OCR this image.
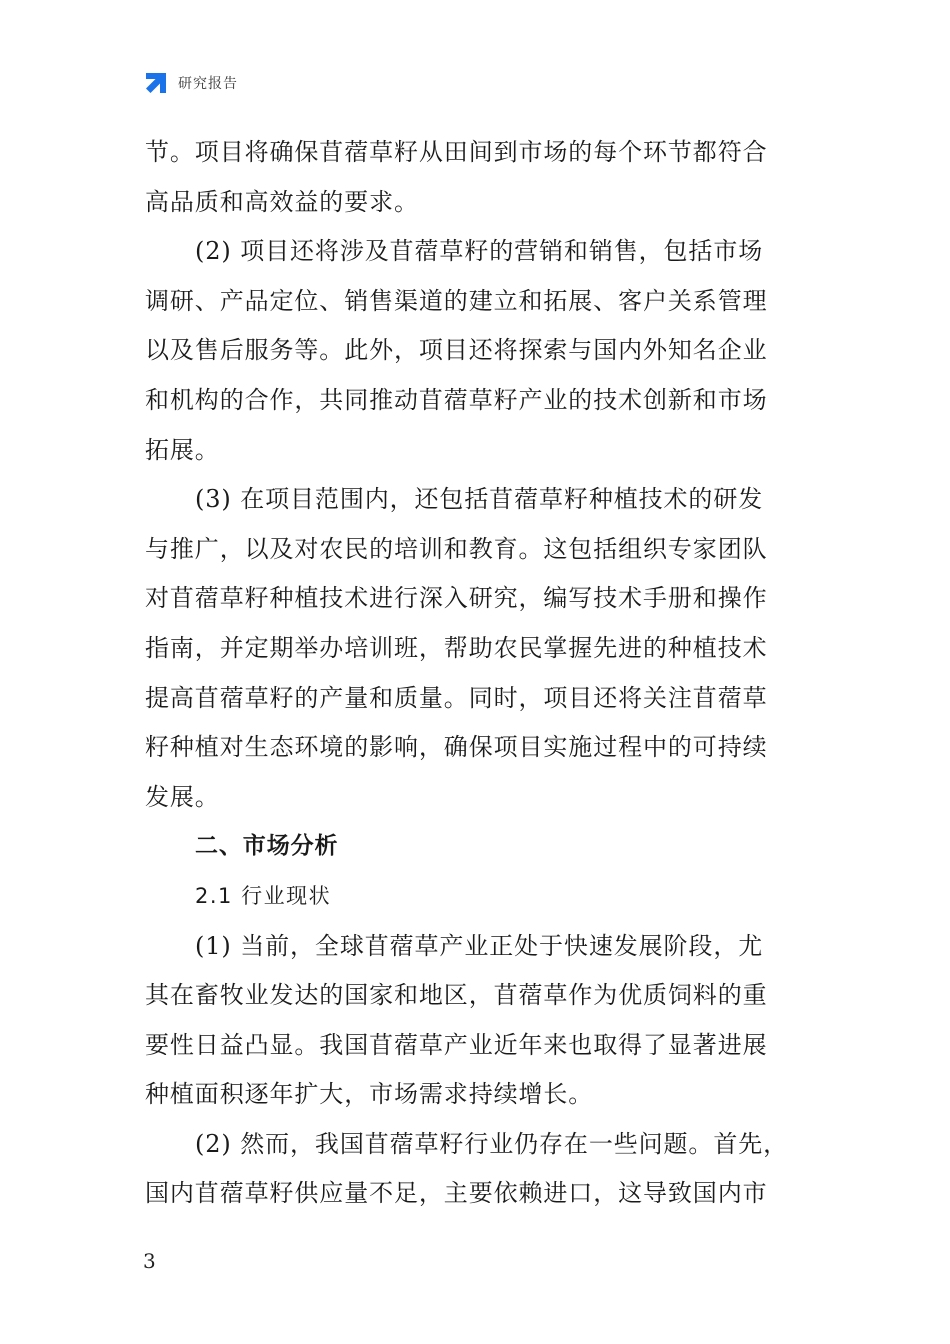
研究报告
节。项目将确保苜蓿草籽从田间到市场的每个环节都符合
高品质和高效益的要求。
(2) 项目还将涉及苜蓿草籽的营销和销售，包括市场
调研、产品定位、销售渠道的建立和拓展、客户关系管理
以及售后服务等。此外，项目还将探索与国内外知名企业
和机构的合作，共同推动苜蓿草籽产业的技术创新和市场
拓展。
(3) 在项目范围内，还包括苜蓿草籽种植技术的研发
与推广，以及对农民的培训和教育。这包括组织专家团队
对苜蓿草籽种植技术进行深入研究，编写技术手册和操作
指南，并定期举办培训班，帮助农民掌握先进的种植技术
提高苜蓿草籽的产量和质量。同时，项目还将关注苜蓿草
籽种植对生态环境的影响，确保项目实施过程中的可持续
发展。
二、市场分析
2.1 行业现状
(1) 当前，全球苜蓿草产业正处于快速发展阶段，尤
其在畜牧业发达的国家和地区，苜蓿草作为优质饲料的重
要性日益凸显。我国苜蓿草产业近年来也取得了显著进展
种植面积逐年扩大，市场需求持续增长。
(2) 然而，我国苜蓿草籽行业仍存在一些问题。首先，
国内苜蓿草籽供应量不足，主要依赖进口，这导致国内市
3
